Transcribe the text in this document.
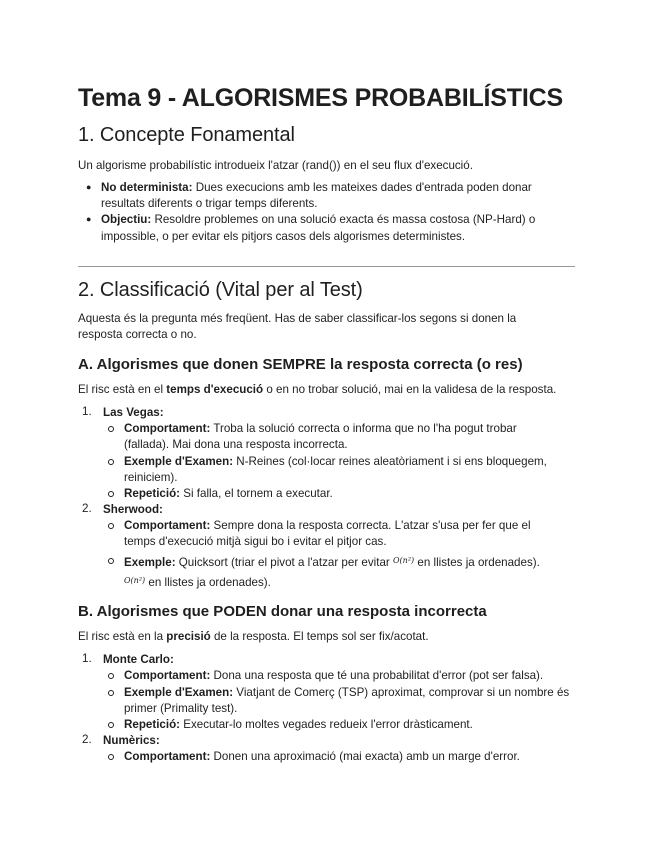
Tema 9 - ALGORISMES PROBABILÍSTICS
1. Concepte Fonamental
Un algorisme probabilístic introdueix l'atzar (rand()) en el seu flux d'execució.
● No determinista: Dues execucions amb les mateixes dades d'entrada poden donar
resultats diferents o trigar temps diferents.
● Objectiu: Resoldre problemes on una solució exacta és massa costosa (NP-Hard) o
impossible, o per evitar els pitjors casos dels algorismes deterministes.
2. Classificació (Vital per al Test)
Aquesta és la pregunta més freqüent. Has de saber classificar-los segons si donen la
resposta correcta o no.
A. Algorismes que donen SEMPRE la resposta correcta (o res)
El risc està en el temps d'execució o en no trobar solució, mai en la validesa de la resposta.
1. Las Vegas:
Comportament: Troba la solució correcta o informa que no l'ha pogut trobar
(fallada). Mai dona una resposta incorrecta.
Exemple d'Examen: N-Reines (col·locar reines aleatòriament i si ens bloquegem,
reiniciem).
Repetició: Si falla, el tornem a executar.
2. Sherwood:
Comportament: Sempre dona la resposta correcta. L'atzar s'usa per fer que el
temps d'execució mitjà sigui bo i evitar el pitjor cas.
Exemple: Quicksort (triar el pivot a l'atzar per evitar $^{O(n^2)}$ en llistes ja ordenades).
$^{O(n^2)}$ en llistes ja ordenades).
B. Algorismes que PODEN donar una resposta incorrecta
El risc està en la precisió de la resposta. El temps sol ser fix/acotat.
1. Monte Carlo:
Comportament: Dona una resposta que té una probabilitat d'error (pot ser falsa).
Exemple d'Examen: Viatjant de Comerç (TSP) aproximat, comprovar si un nombre és
primer (Primality test).
Repetició: Executar-lo moltes vegades redueix l'error dràsticament.
2. Numèrics:
Comportament: Donen una aproximació (mai exacta) amb un marge d'error.
